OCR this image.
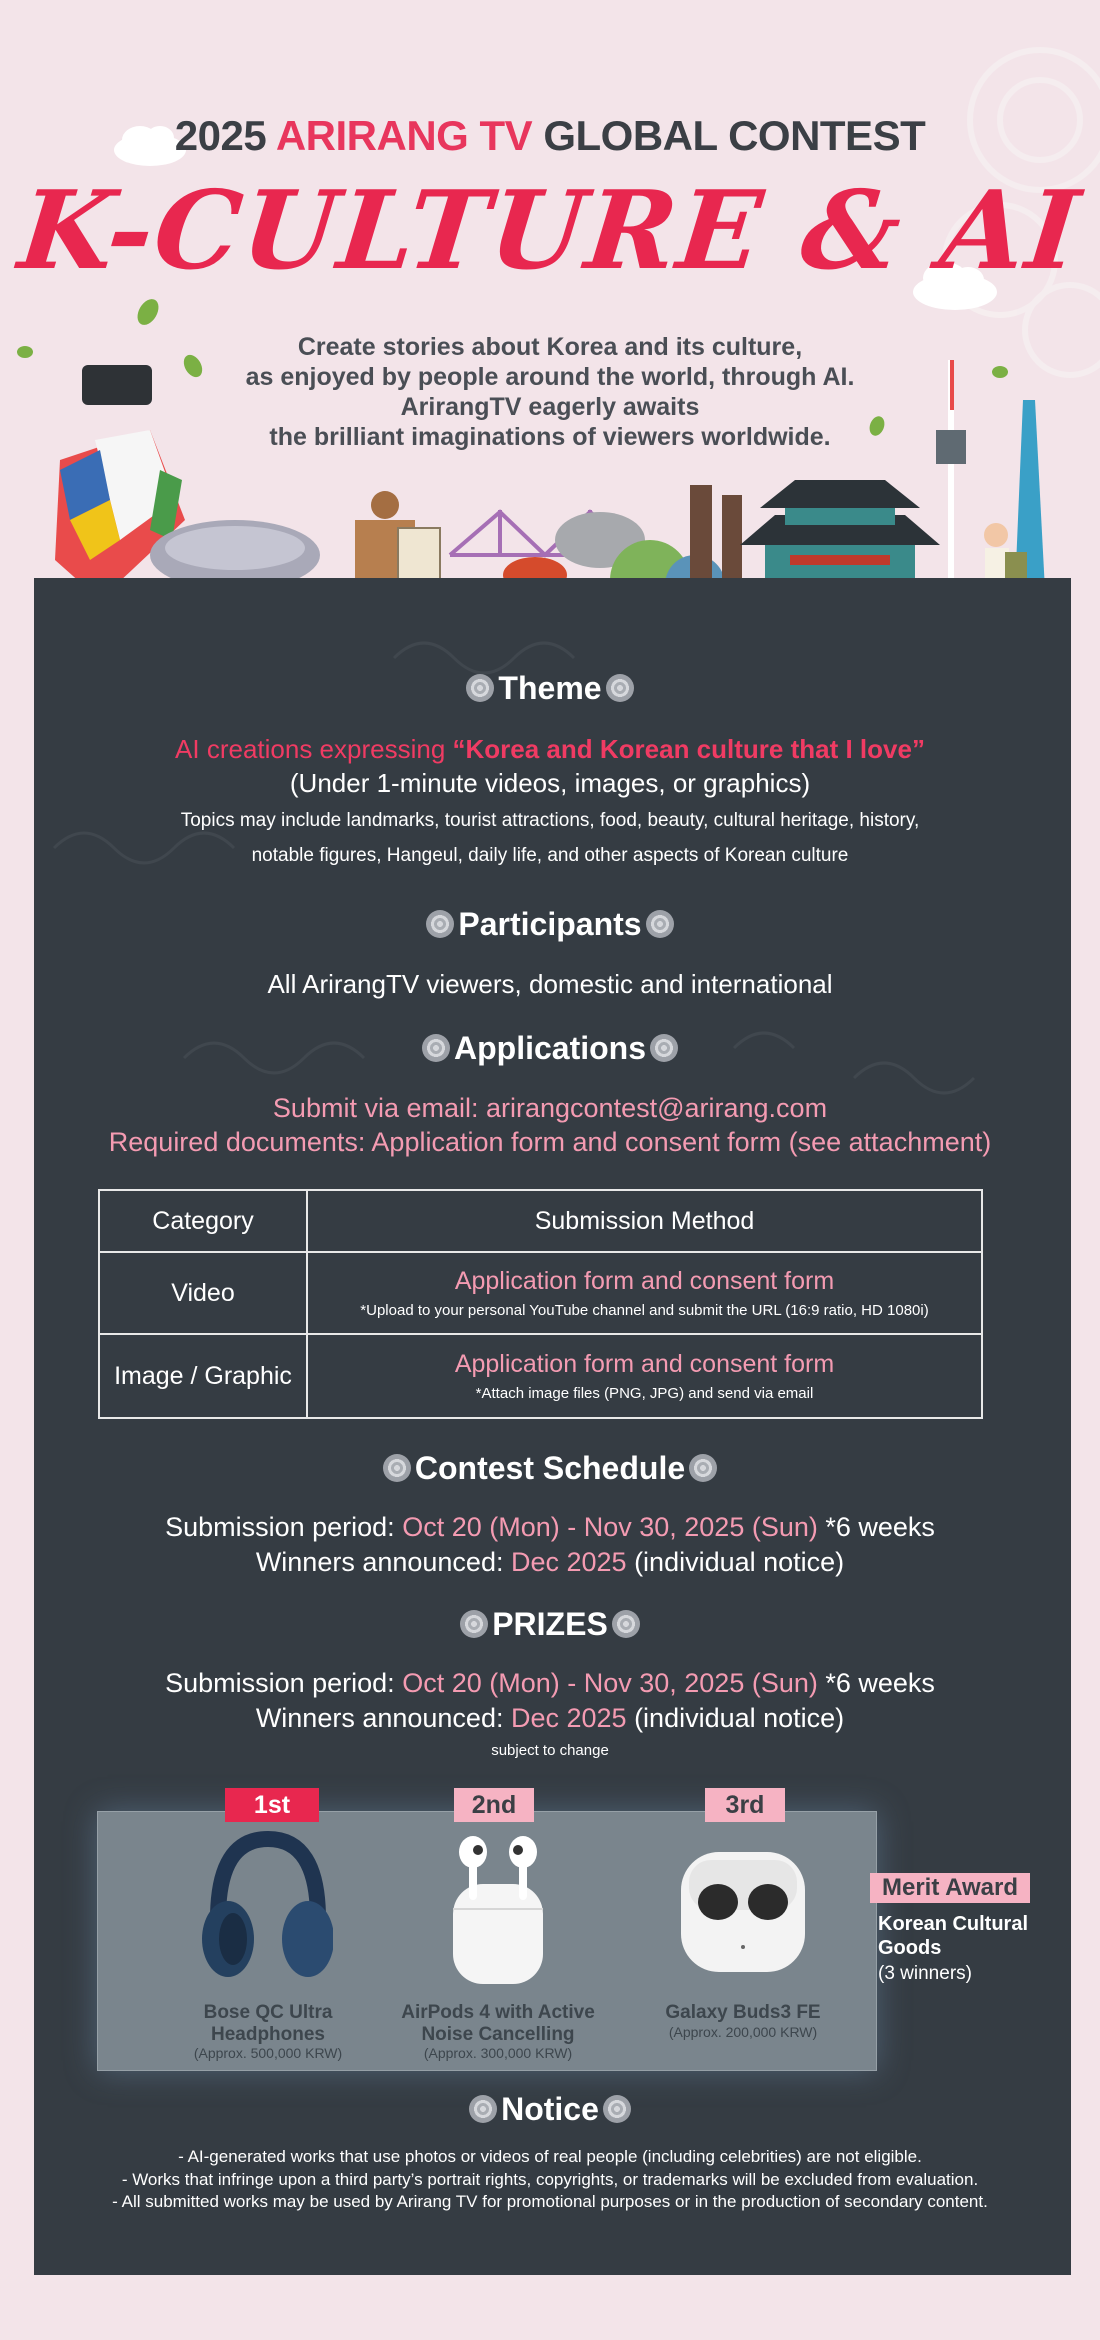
2025 ARIRANG TV GLOBAL CONTEST
K-CULTURE & AI
Create stories about Korea and its culture,
as enjoyed by people around the world, through AI.
ArirangTV eagerly awaits
the brilliant imaginations of viewers worldwide.
Theme
AI creations expressing “Korea and Korean culture that I love”
(Under 1-minute videos, images, or graphics)
Topics may include landmarks, tourist attractions, food, beauty, cultural heritage, history,
notable figures, Hangeul, daily life, and other aspects of Korean culture
Participants
All ArirangTV viewers, domestic and international
Applications
Submit via email: arirangcontest@arirang.com
Required documents: Application form and consent form (see attachment)
Category	Submission Method
Video	Application form and consent form
*Upload to your personal YouTube channel and submit the URL (16:9 ratio, HD 1080i)

Image / Graphic	Application form and consent form
*Attach image files (PNG, JPG) and send via email
Contest Schedule
Submission period: Oct 20 (Mon) - Nov 30, 2025 (Sun) *6 weeks
Winners announced: Dec 2025 (individual notice)
PRIZES
Submission period: Oct 20 (Mon) - Nov 30, 2025 (Sun) *6 weeks
Winners announced: Dec 2025 (individual notice)
subject to change
1st	2nd	3rd
Bose QC Ultra
Headphones
(Approx. 500,000 KRW)
AirPods 4 with Active
Noise Cancelling
(Approx. 300,000 KRW)
Galaxy Buds3 FE
(Approx. 200,000 KRW)
Merit Award
Korean Cultural
Goods
(3 winners)
Notice
- AI-generated works that use photos or videos of real people (including celebrities) are not eligible.
- Works that infringe upon a third party’s portrait rights, copyrights, or trademarks will be excluded from evaluation.
- All submitted works may be used by Arirang TV for promotional purposes or in the production of secondary content.
